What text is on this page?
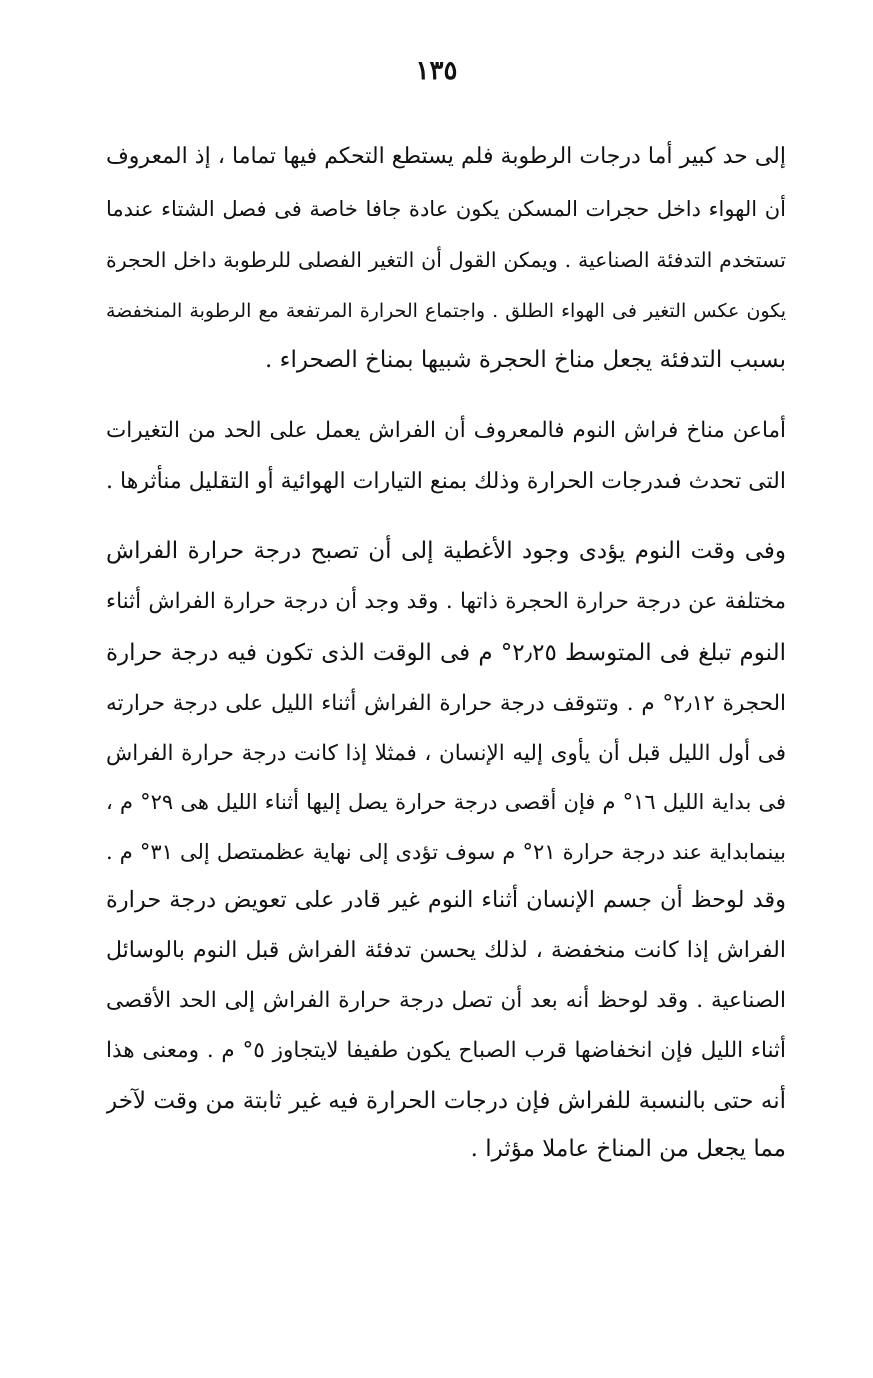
١٣٥
إلى حد كبير أما درجات الرطوبة فلم يستطع التحكم فيها تماما ، إذ المعروف
أن الهواء داخل حجرات المسكن يكون عادة جافا خاصة فى فصل الشتاء عندما
تستخدم التدفئة الصناعية . ويمكن القول أن التغير الفصلى للرطوبة داخل الحجرة
يكون عكس التغير فى الهواء الطلق . واجتماع الحرارة المرتفعة مع الرطوبة المنخفضة
بسبب التدفئة يجعل مناخ الحجرة شبيها بمناخ الصحراء .
أماعن مناخ فراش النوم فالمعروف أن الفراش يعمل على الحد من التغيرات
التى تحدث فىدرجات الحرارة وذلك بمنع التيارات الهوائية أو التقليل منأثرها .
وفى وقت النوم يؤدى وجود الأغطية إلى أن تصبح درجة حرارة الفراش
مختلفة عن درجة حرارة الحجرة ذاتها . وقد وجد أن درجة حرارة الفراش أثناء
النوم تبلغ فى المتوسط ٢٫٢٥° م فى الوقت الذى تكون فيه درجة حرارة
الحجرة ٢٫١٢° م . وتتوقف درجة حرارة الفراش أثناء الليل على درجة حرارته
فى أول الليل قبل أن يأوى إليه الإنسان ، فمثلا إذا كانت درجة حرارة الفراش
فى بداية الليل ١٦° م فإن أقصى درجة حرارة يصل إليها أثناء الليل هى ٢٩° م ،
بينمابداية عند درجة حرارة ٢١° م سوف تؤدى إلى نهاية عظمىتصل إلى ٣١° م .
وقد لوحظ أن جسم الإنسان أثناء النوم غير قادر على تعويض درجة حرارة
الفراش إذا كانت منخفضة ، لذلك يحسن تدفئة الفراش قبل النوم بالوسائل
الصناعية . وقد لوحظ أنه بعد أن تصل درجة حرارة الفراش إلى الحد الأقصى
أثناء الليل فإن انخفاضها قرب الصباح يكون طفيفا لايتجاوز ٥° م . ومعنى هذا
أنه حتى بالنسبة للفراش فإن درجات الحرارة فيه غير ثابتة من وقت لآخر
مما يجعل من المناخ عاملا مؤثرا .
